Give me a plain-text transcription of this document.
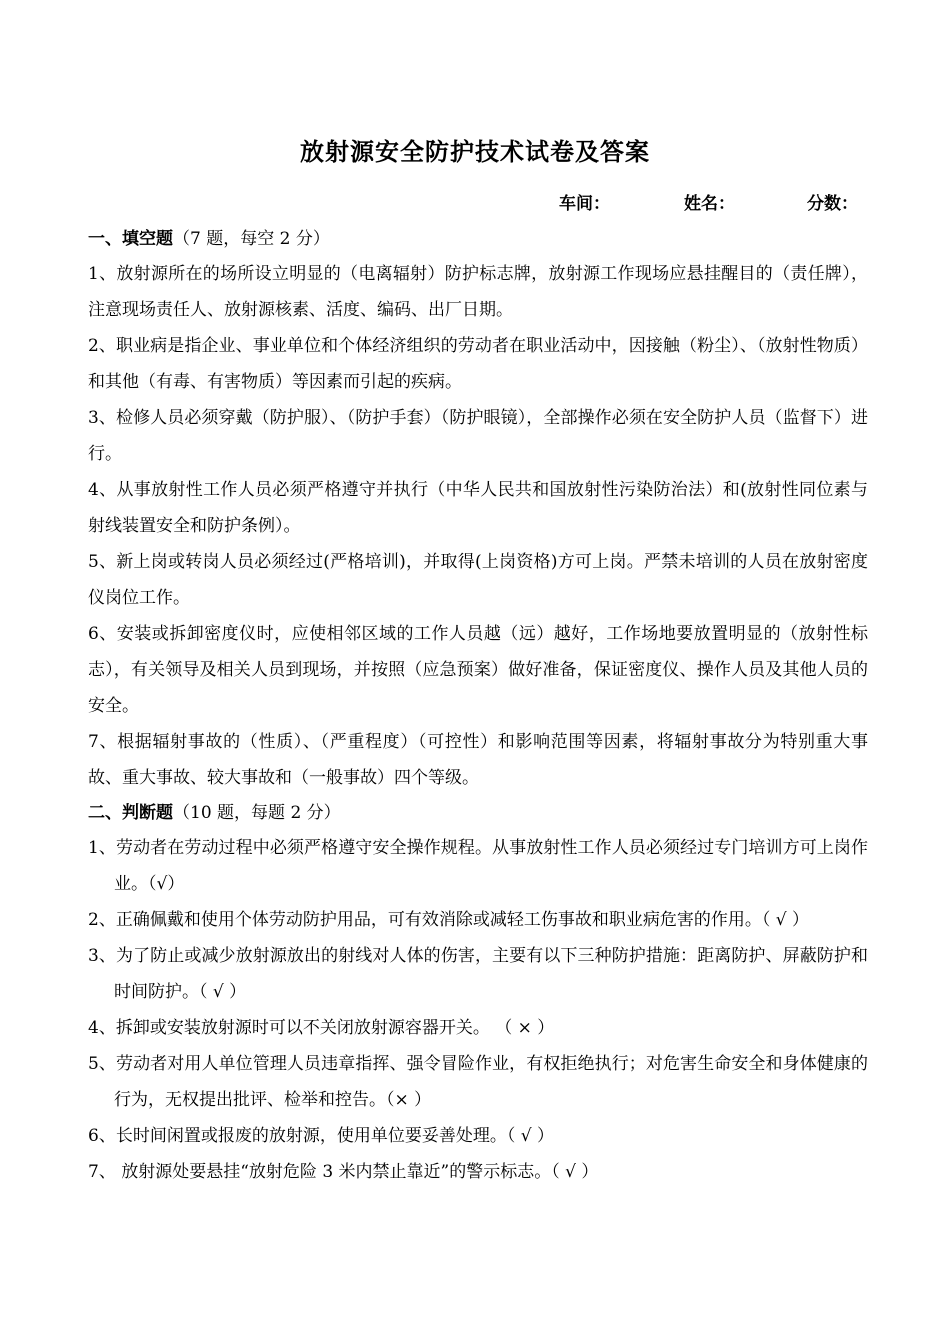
放射源安全防护技术试卷及答案
车间：	姓名：	分数：
一、填空题（7 题，每空 2 分）
1、放射源所在的场所设立明显的（电离辐射）防护标志牌，放射源工作现场应悬挂醒目的（责任牌），注意现场责任人、放射源核素、活度、编码、出厂日期。
2、职业病是指企业、事业单位和个体经济组织的劳动者在职业活动中，因接触（粉尘）、（放射性物质）和其他（有毒、有害物质）等因素而引起的疾病。
3、检修人员必须穿戴（防护服）、（防护手套）（防护眼镜），全部操作必须在安全防护人员（监督下）进行。
4、从事放射性工作人员必须严格遵守并执行（中华人民共和国放射性污染防治法）和(放射性同位素与射线装置安全和防护条例）。
5、新上岗或转岗人员必须经过(严格培训)，并取得(上岗资格)方可上岗。严禁未培训的人员在放射密度仪岗位工作。
6、安装或拆卸密度仪时，应使相邻区域的工作人员越（远）越好，工作场地要放置明显的（放射性标志），有关领导及相关人员到现场，并按照（应急预案）做好准备，保证密度仪、操作人员及其他人员的安全。
7、根据辐射事故的（性质）、（严重程度）（可控性）和影响范围等因素，将辐射事故分为特别重大事故、重大事故、较大事故和（一般事故）四个等级。
二、判断题（10 题，每题 2 分）
1、劳动者在劳动过程中必须严格遵守安全操作规程。从事放射性工作人员必须经过专门培训方可上岗作业。（√）
2、正确佩戴和使用个体劳动防护用品，可有效消除或减轻工伤事故和职业病危害的作用。（ √ ）
3、为了防止或减少放射源放出的射线对人体的伤害，主要有以下三种防护措施：距离防护、屏蔽防护和时间防护。（ √ ）
4、拆卸或安装放射源时可以不关闭放射源容器开关。 （ × ）
5、劳动者对用人单位管理人员违章指挥、强令冒险作业，有权拒绝执行；对危害生命安全和身体健康的行为，无权提出批评、检举和控告。（× ）
6、长时间闲置或报废的放射源，使用单位要妥善处理。（ √ ）
7、 放射源处要悬挂“放射危险 3 米内禁止靠近”的警示标志。（ √ ）
